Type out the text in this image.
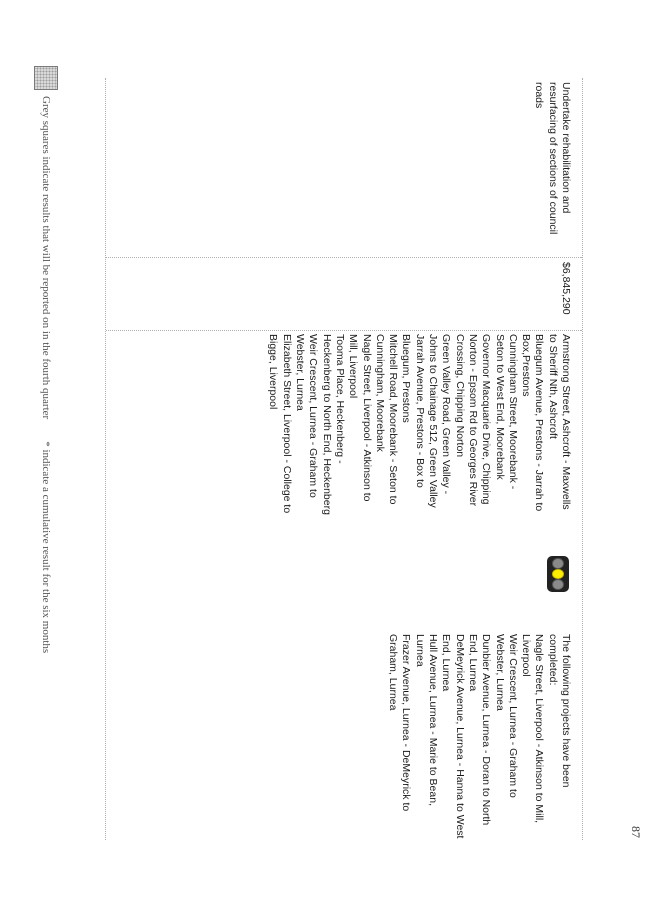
87
Undertake rehabilitation and resurfacing of sections of council roads
$6,845,290
Armstrong Street, Ashcroft - Maxwells to Sheriff Nth, Ashcroft
Bluegum Avenue, Prestons - Jarrah to Box,Prestons
Cunningham Street, Moorebank - Seton to West End, Moorebank
Governor Macquarie Drive, Chipping Norton - Epsom Rd to Georges River Crossing, Chipping Norton
Green Valley Road, Green Valley - Johns to Chainage 512, Green Valley
Jarrah Avenue, Prestons - Box to Bluegum, Prestons
Mitchell Road, Moorebank - Seton to Cunningham, Moorebank
Nagle Street, Liverpool - Atkinson to Mill, Liverpool
Tooma Place, Heckenberg - Heckenberg to North End, Heckenberg
Weir Crescent, Lurnea - Graham to Webster, Lurnea
Elizabeth Street, Liverpool - College to Bigge, Liverpool
The following projects have been completed:
Nagle Street, Liverpool - Atkinson to Mill, Liverpool
Weir Crescent, Lurnea - Graham to Webster, Lurnea
Dunbier Avenue, Lurnea - Doran to North End, Lurnea
DeMeyrick Avenue, Lurnea - Hanna to West End, Lurnea
Hull Avenue, Lurnea - Marie to Bean, Lurnea
Frazer Avenue, Lurnea - DeMeyrick to Graham, Lurnea
Grey squares indicate results that will be reported on in the fourth quarter
* indicate a cumulative result for the six months
